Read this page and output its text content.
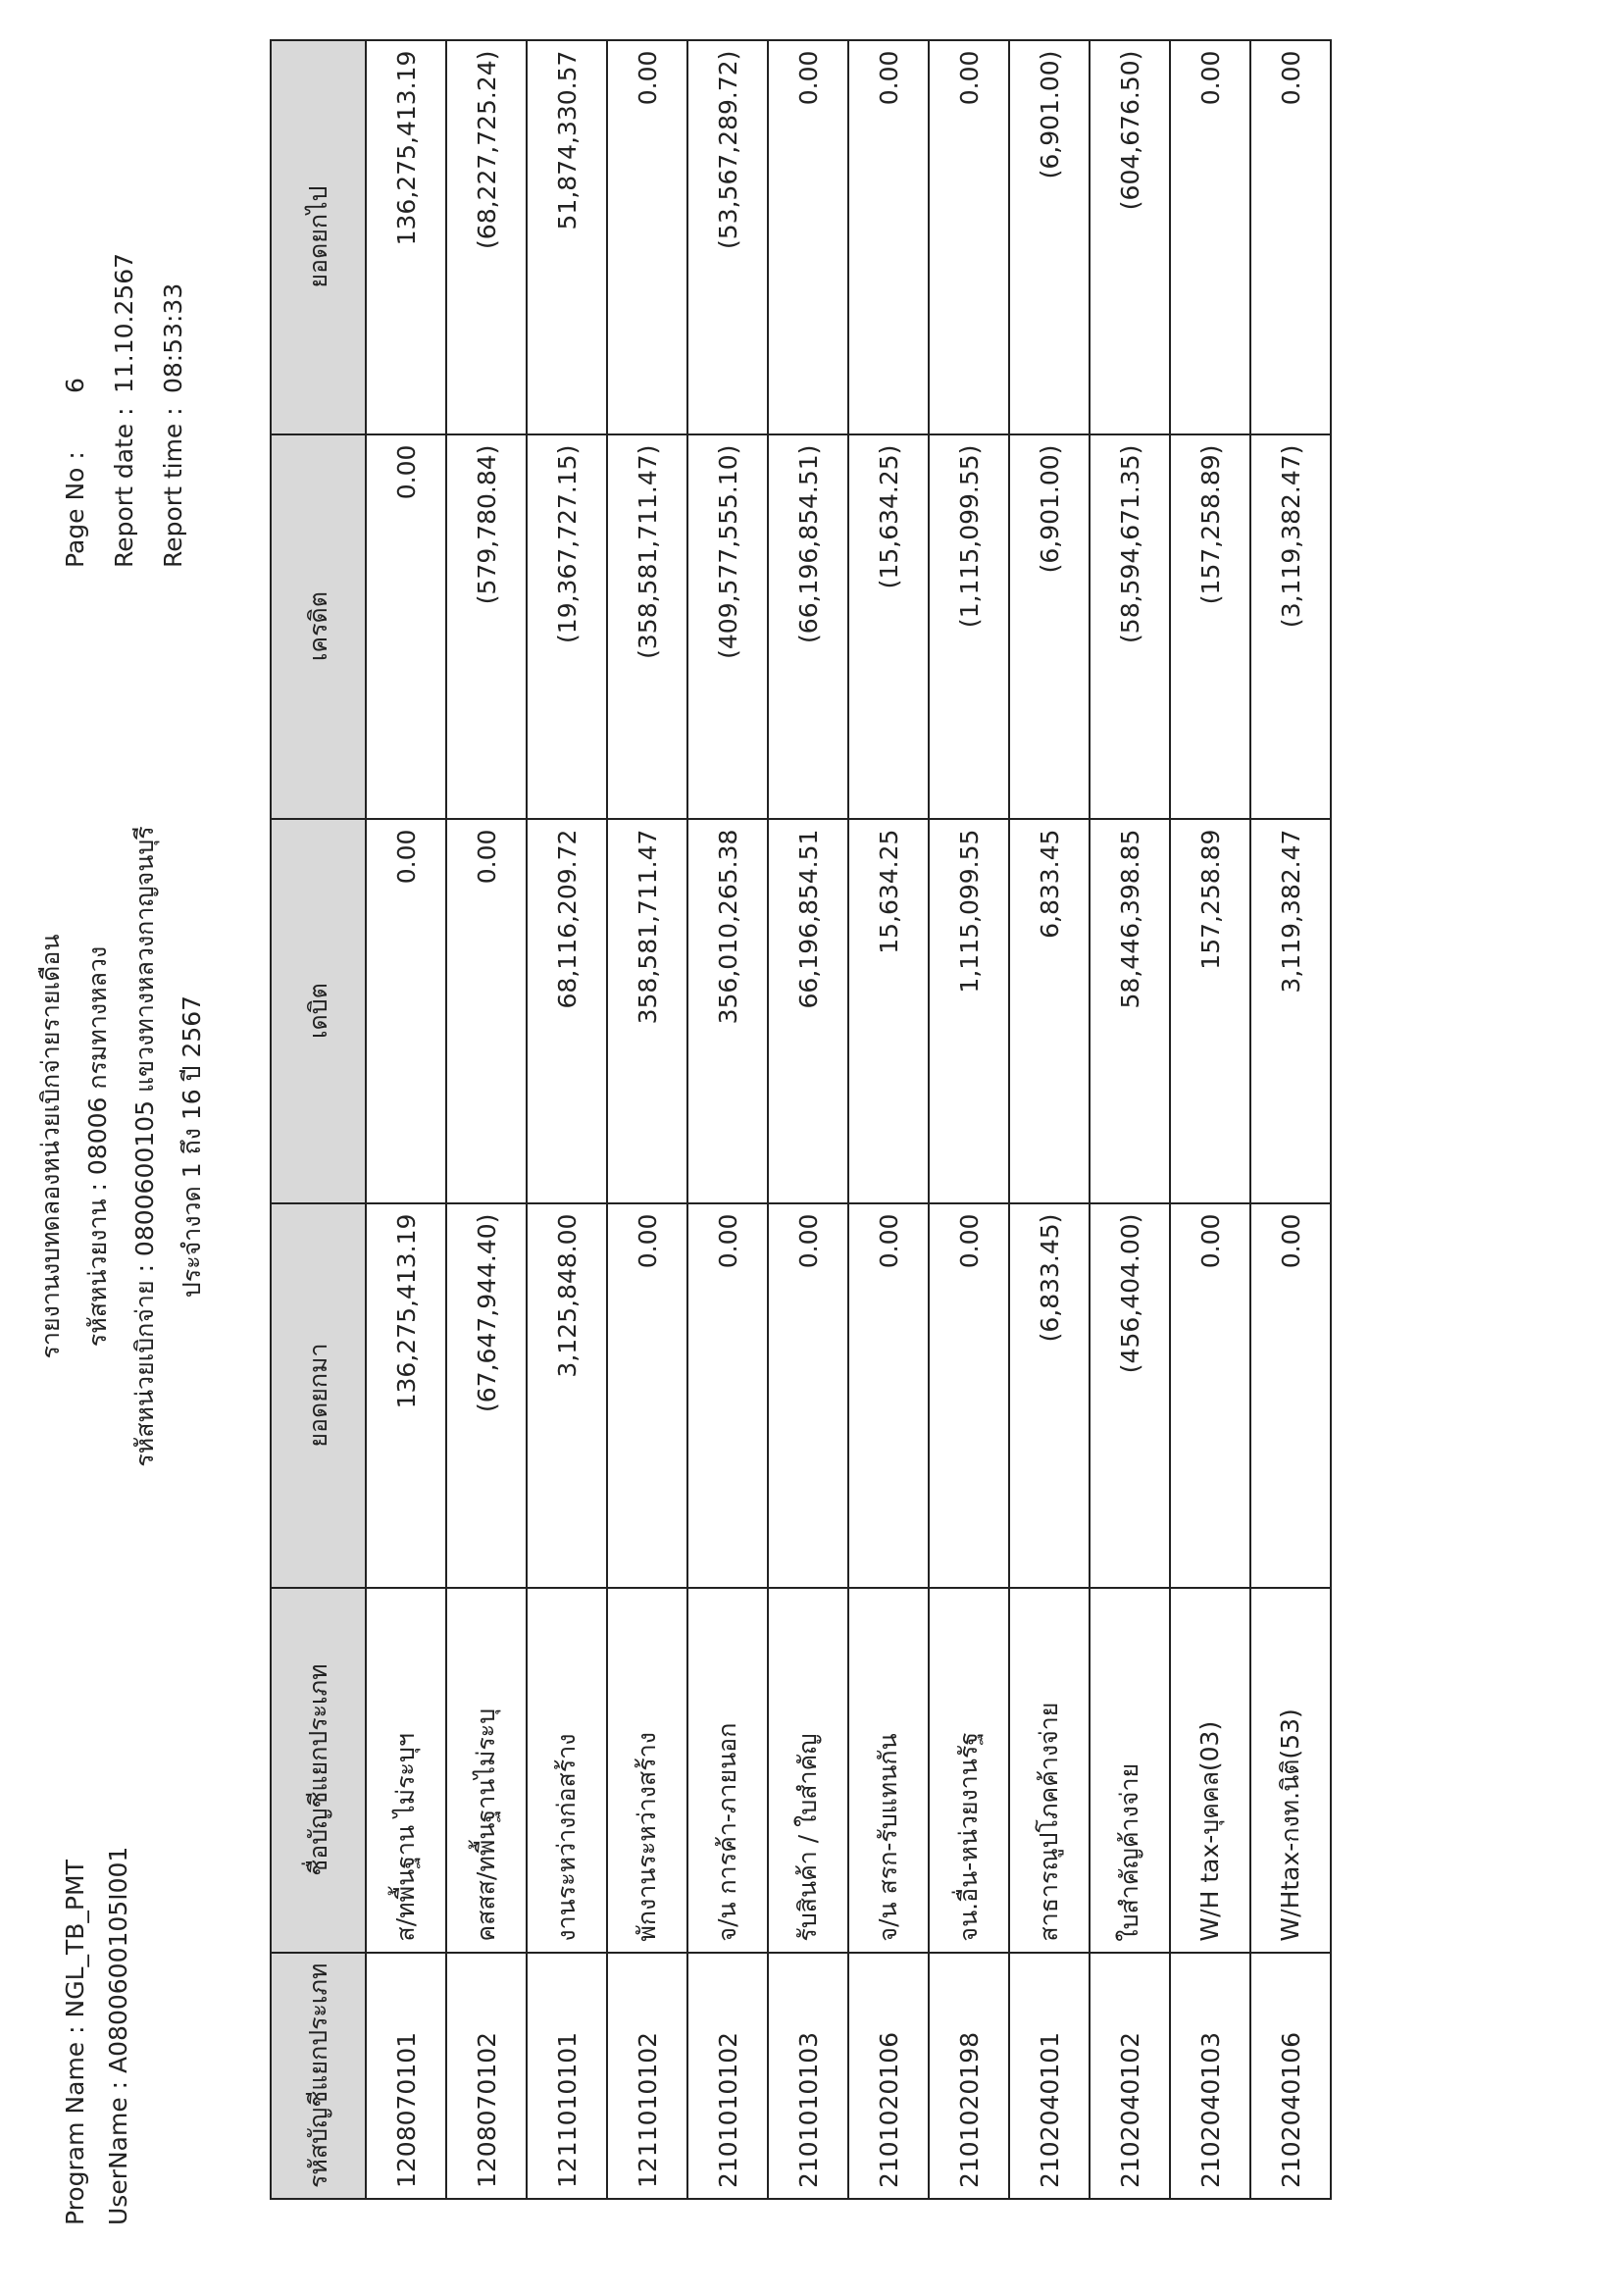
Program Name : NGL_TB_PMT UserName : A0800600105I001
รายงานงบทดลองหน่วยเบิกจ่ายรายเดือน รหัสหน่วยงาน : 08006 กรมทางหลวง รหัสหน่วยเบิกจ่าย : 0800600105 แขวงทางหลวงกาญจนบุรี ประจำงวด 1 ถึง 16 ปี 2567
Page No : 6
Report date : 11.10.2567
Report time : 08:53:33
รหัสบัญชีแยกประเภท	ชื่อบัญชีแยกประเภท	ยอดยกมา	เดบิต	เครดิต	ยอดยกไป
1208070101	ส/ทพื้นฐาน ไม่ระบุฯ	136,275,413.19	0.00	0.00	136,275,413.19
1208070102	คสสส/ทพื้นฐานไม่ระบุ	(67,647,944.40)	0.00	(579,780.84)	(68,227,725.24)
1211010101	งานระหว่างก่อสร้าง	3,125,848.00	68,116,209.72	(19,367,727.15)	51,874,330.57
1211010102	พักงานระหว่างสร้าง	0.00	358,581,711.47	(358,581,711.47)	0.00
2101010102	จ/น การค้า-ภายนอก	0.00	356,010,265.38	(409,577,555.10)	(53,567,289.72)
2101010103	รับสินค้า / ใบสำคัญ	0.00	66,196,854.51	(66,196,854.51)	0.00
2101020106	จ/น สรก-รับแทนกัน	0.00	15,634.25	(15,634.25)	0.00
2101020198	จน.อื่น-หน่วยงานรัฐ	0.00	1,115,099.55	(1,115,099.55)	0.00
2102040101	สาธารณูปโภคค้างจ่าย	(6,833.45)	6,833.45	(6,901.00)	(6,901.00)
2102040102	ใบสำคัญค้างจ่าย	(456,404.00)	58,446,398.85	(58,594,671.35)	(604,676.50)
2102040103	W/H tax-บุคคล(03)	0.00	157,258.89	(157,258.89)	0.00
2102040106	W/Htax-กงท.นิติ(53)	0.00	3,119,382.47	(3,119,382.47)	0.00
